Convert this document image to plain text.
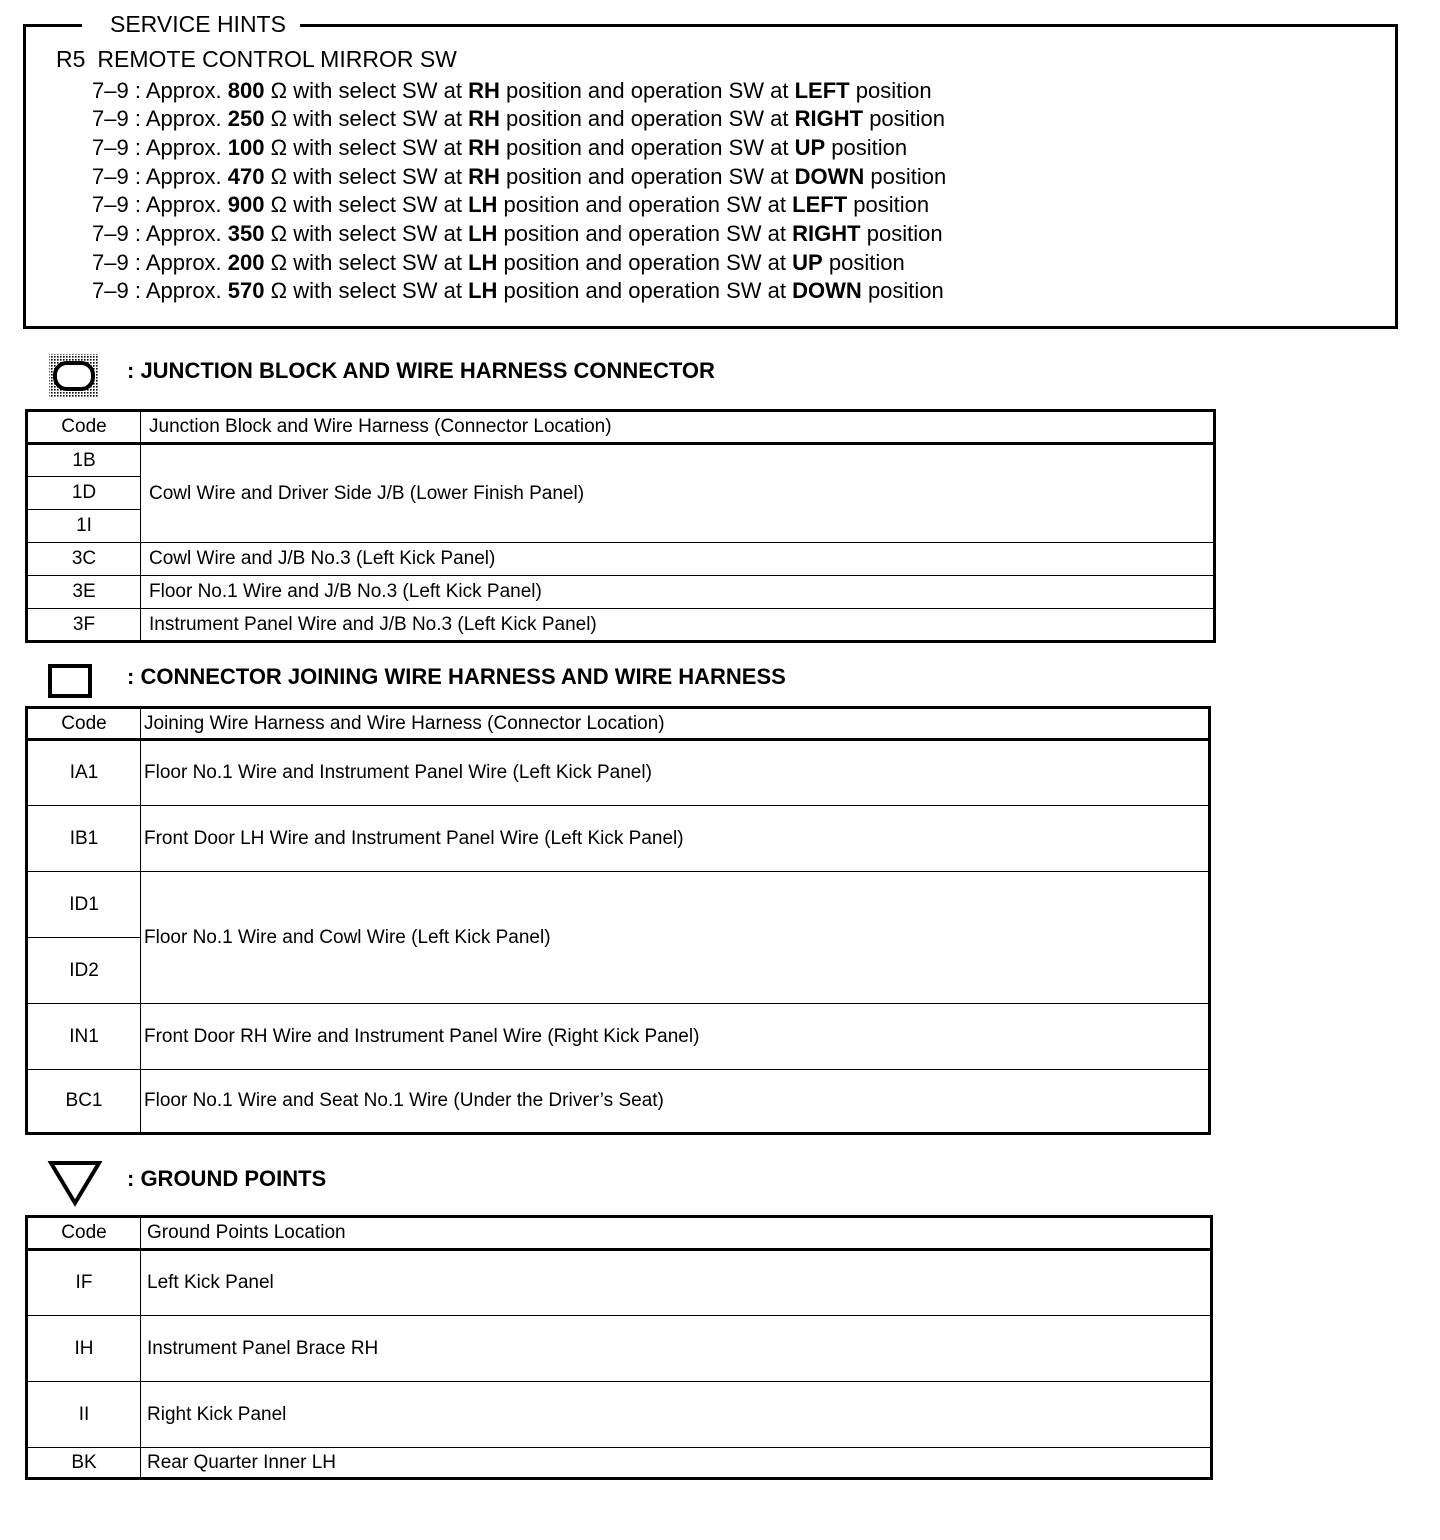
SERVICE HINTS
R5 REMOTE CONTROL MIRROR SW
7–9 : Approx. 800 Ω with select SW at RH position and operation SW at LEFT position
7–9 : Approx. 250 Ω with select SW at RH position and operation SW at RIGHT position
7–9 : Approx. 100 Ω with select SW at RH position and operation SW at UP position
7–9 : Approx. 470 Ω with select SW at RH position and operation SW at DOWN position
7–9 : Approx. 900 Ω with select SW at LH position and operation SW at LEFT position
7–9 : Approx. 350 Ω with select SW at LH position and operation SW at RIGHT position
7–9 : Approx. 200 Ω with select SW at LH position and operation SW at UP position
7–9 : Approx. 570 Ω with select SW at LH position and operation SW at DOWN position
: JUNCTION BLOCK AND WIRE HARNESS CONNECTOR
Code	Junction Block and Wire Harness (Connector Location)
1B	Cowl Wire and Driver Side J/B (Lower Finish Panel)
1D	
1I	
3C	Cowl Wire and J/B No.3 (Left Kick Panel)
3E	Floor No.1 Wire and J/B No.3 (Left Kick Panel)
3F	Instrument Panel Wire and J/B No.3 (Left Kick Panel)
: CONNECTOR JOINING WIRE HARNESS AND WIRE HARNESS
Code	Joining Wire Harness and Wire Harness (Connector Location)
IA1	Floor No.1 Wire and Instrument Panel Wire (Left Kick Panel)
IB1	Front Door LH Wire and Instrument Panel Wire (Left Kick Panel)
ID1	Floor No.1 Wire and Cowl Wire (Left Kick Panel)
ID2	
IN1	Front Door RH Wire and Instrument Panel Wire (Right Kick Panel)
BC1	Floor No.1 Wire and Seat No.1 Wire (Under the Driver’s Seat)
: GROUND POINTS
Code	Ground Points Location
IF	Left Kick Panel
IH	Instrument Panel Brace RH
II	Right Kick Panel
BK	Rear Quarter Inner LH
